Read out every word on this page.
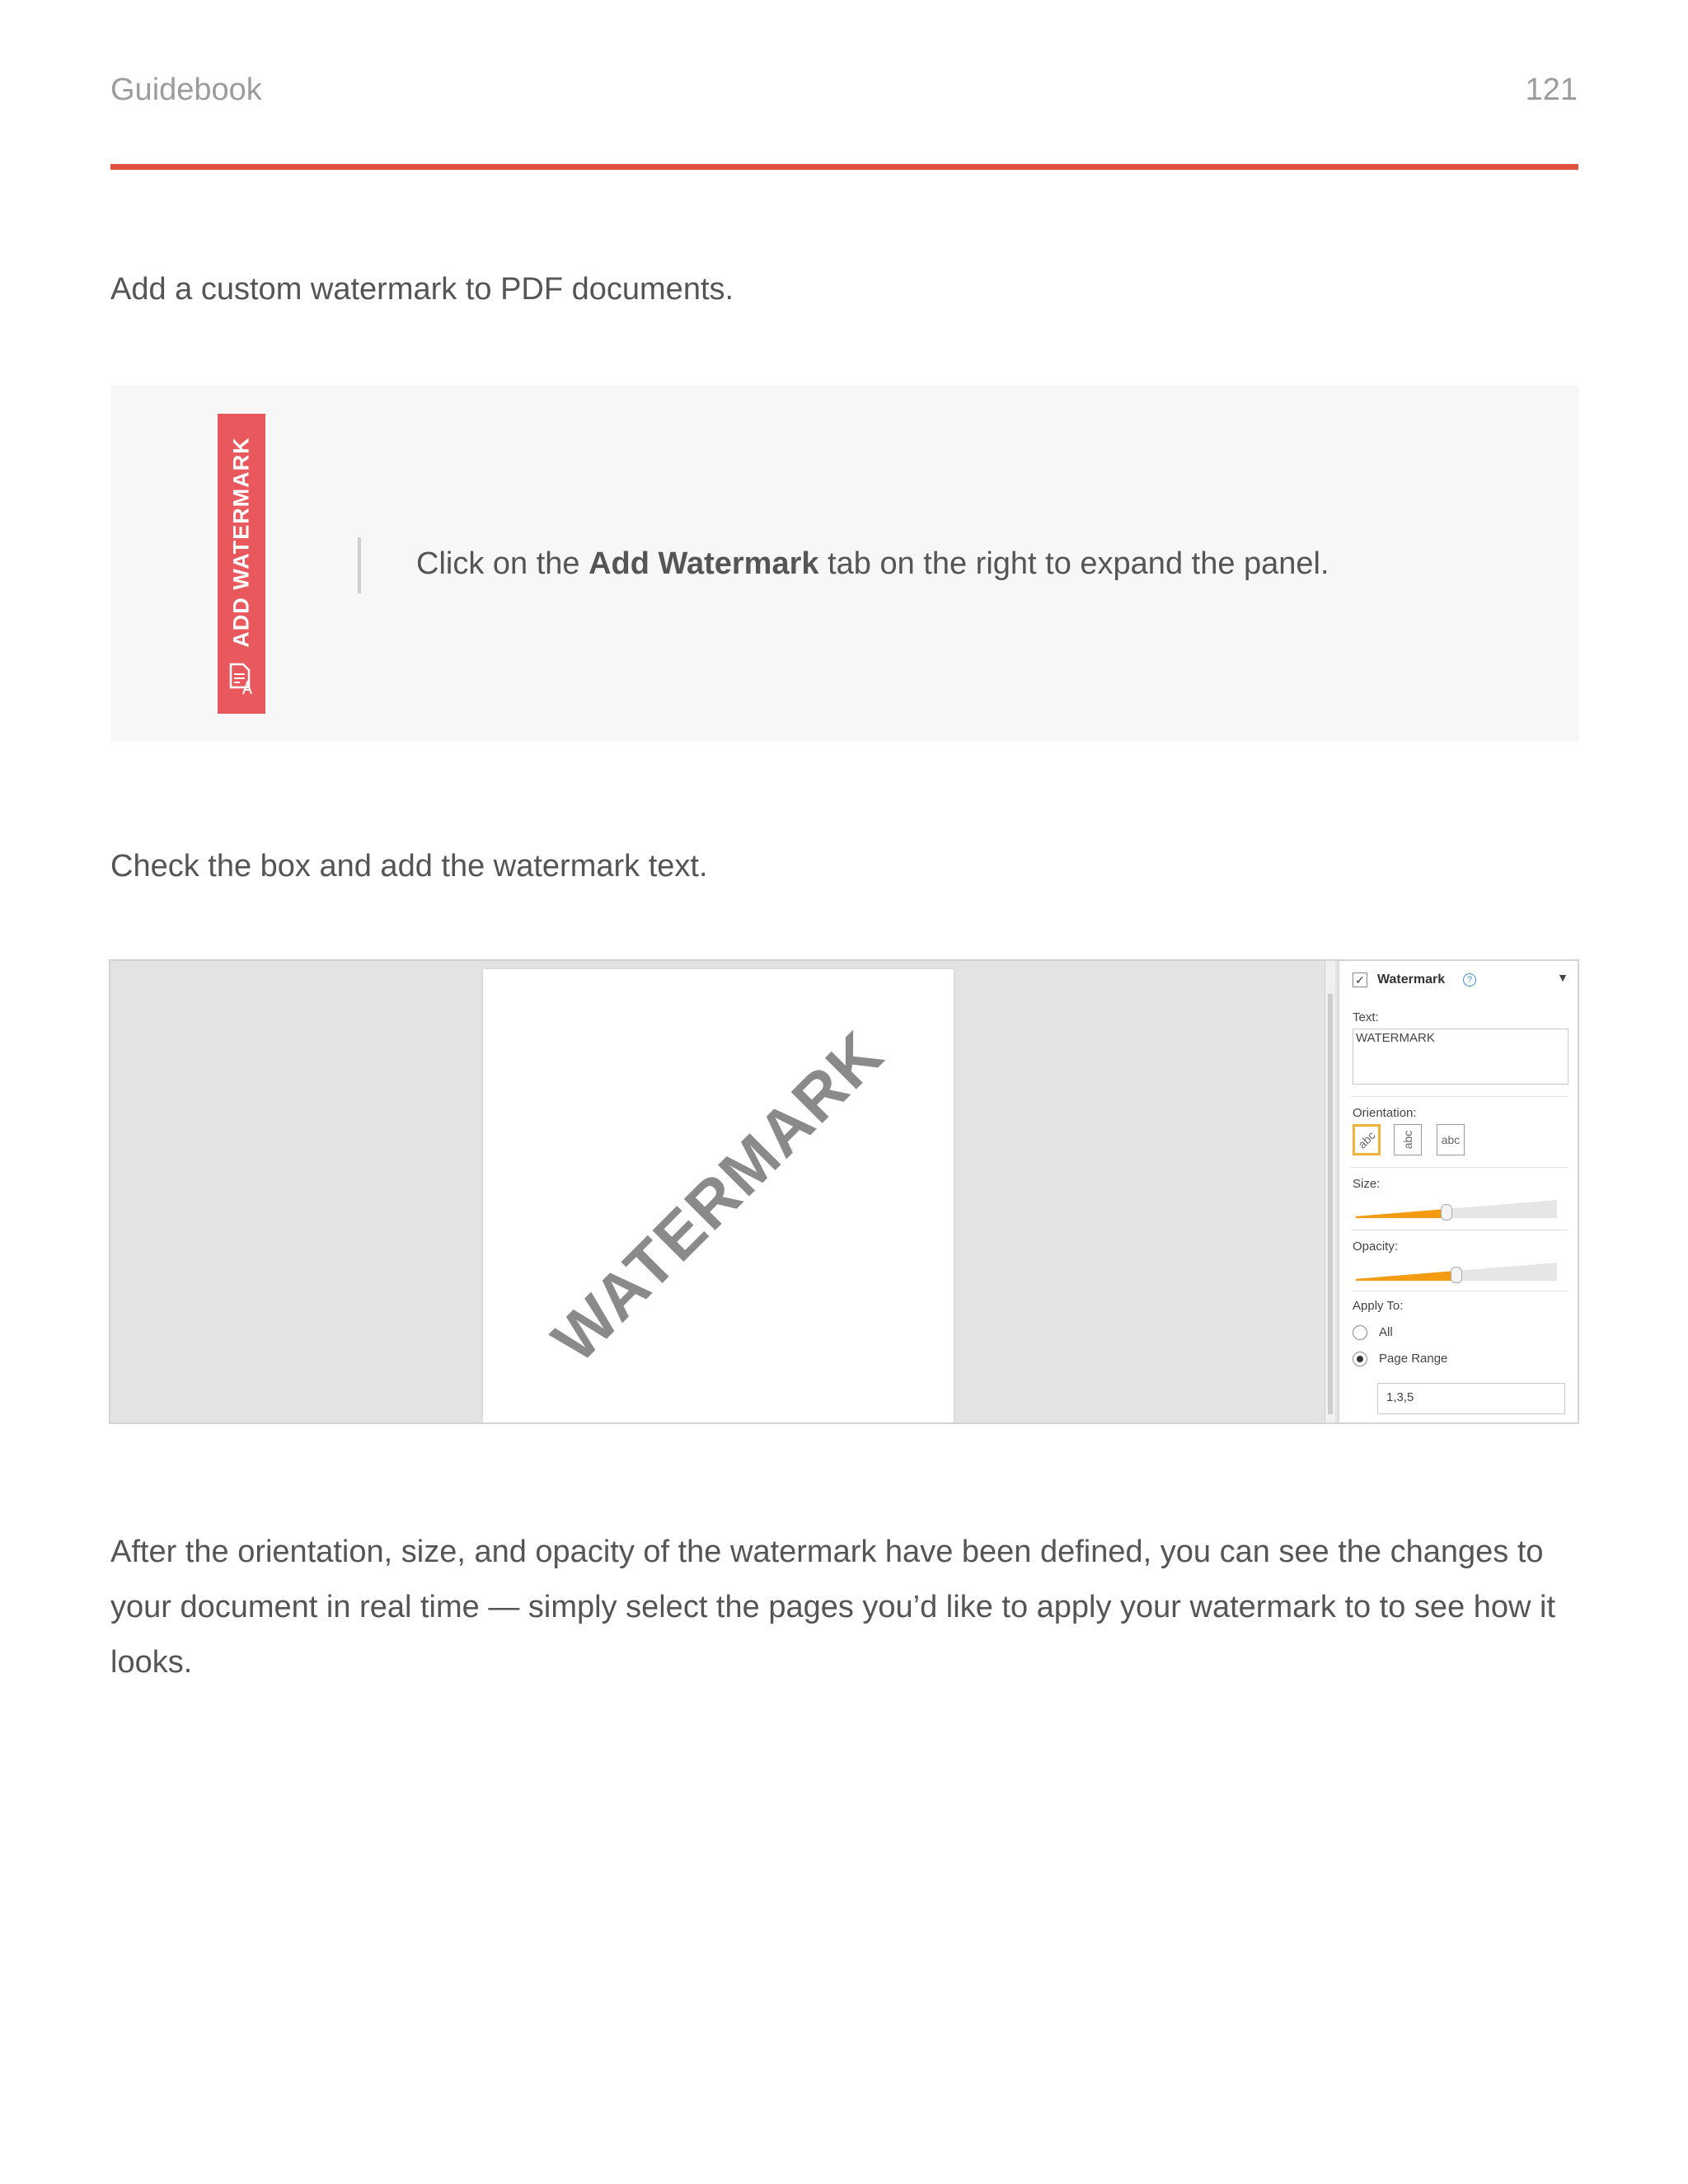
Guidebook	121
Add a custom watermark to PDF documents.
ADD WATERMARK	Click on the Add Watermark tab on the right to expand the panel.
Check the box and add the watermark text.
WATERMARK
✓ Watermark	?	▼
Text:
WATERMARK
Orientation:
abc abc abc
Size:
Opacity:
Apply To:
All
Page Range
1,3,5
After the orientation, size, and opacity of the watermark have been defined, you can see the changes to your document in real time — simply select the pages you’d like to apply your watermark to to see how it looks.
